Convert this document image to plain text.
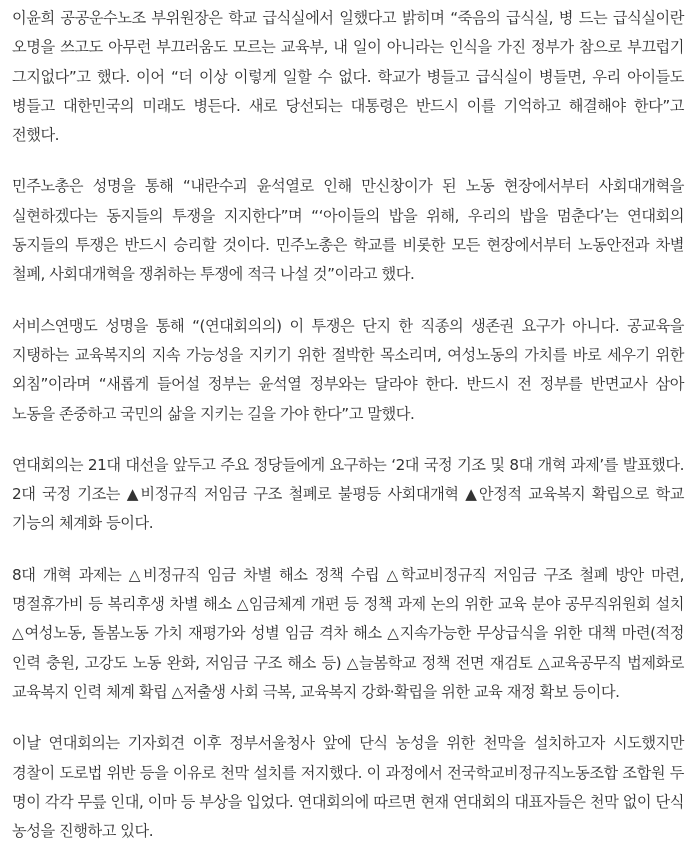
이윤희 공공운수노조 부위원장은 학교 급식실에서 일했다고 밝히며 “죽음의 급식실, 병 드는 급식실이란 오명을 쓰고도 아무런 부끄러움도 모르는 교육부, 내 일이 아니라는 인식을 가진 정부가 참으로 부끄럽기 그지없다”고 했다. 이어 “더 이상 이렇게 일할 수 없다. 학교가 병들고 급식실이 병들면, 우리 아이들도 병들고 대한민국의 미래도 병든다. 새로 당선되는 대통령은 반드시 이를 기억하고 해결해야 한다”고 전했다.

민주노총은 성명을 통해 “내란수괴 윤석열로 인해 만신창이가 된 노동 현장에서부터 사회대개혁을 실현하겠다는 동지들의 투쟁을 지지한다”며 “‘아이들의 밥을 위해, 우리의 밥을 멈춘다’는 연대회의 동지들의 투쟁은 반드시 승리할 것이다. 민주노총은 학교를 비롯한 모든 현장에서부터 노동안전과 차별 철폐, 사회대개혁을 쟁취하는 투쟁에 적극 나설 것”이라고 했다.

서비스연맹도 성명을 통해 “(연대회의의) 이 투쟁은 단지 한 직종의 생존권 요구가 아니다. 공교육을 지탱하는 교육복지의 지속 가능성을 지키기 위한 절박한 목소리며, 여성노동의 가치를 바로 세우기 위한 외침”이라며 “새롭게 들어설 정부는 윤석열 정부와는 달라야 한다. 반드시 전 정부를 반면교사 삼아 노동을 존중하고 국민의 삶을 지키는 길을 가야 한다”고 말했다.

연대회의는 21대 대선을 앞두고 주요 정당들에게 요구하는 ‘2대 국정 기조 및 8대 개혁 과제’를 발표했다. 2대 국정 기조는 ▲비정규직 저임금 구조 철폐로 불평등 사회대개혁 ▲안정적 교육복지 확립으로 학교 기능의 체계화 등이다.

8대 개혁 과제는 △비정규직 임금 차별 해소 정책 수립 △학교비정규직 저임금 구조 철폐 방안 마련, 명절휴가비 등 복리후생 차별 해소 △임금체계 개편 등 정책 과제 논의 위한 교육 분야 공무직위원회 설치 △여성노동, 돌봄노동 가치 재평가와 성별 임금 격차 해소 △지속가능한 무상급식을 위한 대책 마련(적정 인력 충원, 고강도 노동 완화, 저임금 구조 해소 등) △늘봄학교 정책 전면 재검토 △교육공무직 법제화로 교육복지 인력 체계 확립 △저출생 사회 극복, 교육복지 강화·확립을 위한 교육 재정 확보 등이다.

이날 연대회의는 기자회견 이후 정부서울청사 앞에 단식 농성을 위한 천막을 설치하고자 시도했지만 경찰이 도로법 위반 등을 이유로 천막 설치를 저지했다. 이 과정에서 전국학교비정규직노동조합 조합원 두 명이 각각 무릎 인대, 이마 등 부상을 입었다. 연대회의에 따르면 현재 연대회의 대표자들은 천막 없이 단식 농성을 진행하고 있다.
